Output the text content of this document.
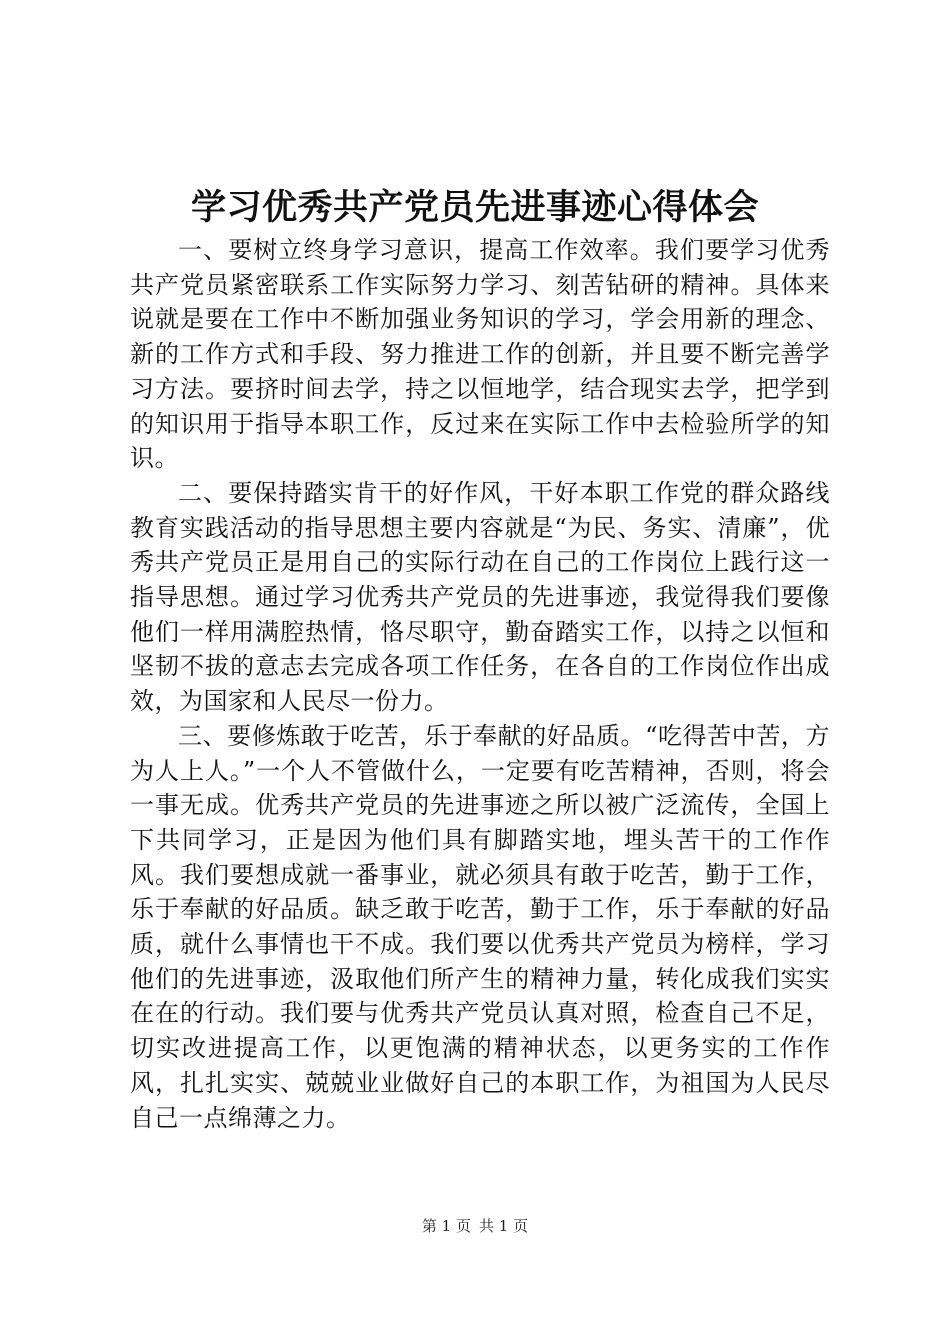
学习优秀共产党员先进事迹心得体会

一、要树立终身学习意识，提高工作效率。我们要学习优秀共产党员紧密联系工作实际努力学习、刻苦钻研的精神。具体来说就是要在工作中不断加强业务知识的学习，学会用新的理念、新的工作方式和手段、努力推进工作的创新，并且要不断完善学习方法。要挤时间去学，持之以恒地学，结合现实去学，把学到的知识用于指导本职工作，反过来在实际工作中去检验所学的知识。

二、要保持踏实肯干的好作风，干好本职工作党的群众路线教育实践活动的指导思想主要内容就是“为民、务实、清廉”，优秀共产党员正是用自己的实际行动在自己的工作岗位上践行这一指导思想。通过学习优秀共产党员的先进事迹，我觉得我们要像他们一样用满腔热情，恪尽职守，勤奋踏实工作，以持之以恒和坚韧不拔的意志去完成各项工作任务，在各自的工作岗位作出成效，为国家和人民尽一份力。

三、要修炼敢于吃苦，乐于奉献的好品质。“吃得苦中苦，方为人上人。”一个人不管做什么，一定要有吃苦精神，否则，将会一事无成。优秀共产党员的先进事迹之所以被广泛流传，全国上下共同学习，正是因为他们具有脚踏实地，埋头苦干的工作作风。我们要想成就一番事业，就必须具有敢于吃苦，勤于工作，乐于奉献的好品质。缺乏敢于吃苦，勤于工作，乐于奉献的好品质，就什么事情也干不成。我们要以优秀共产党员为榜样，学习他们的先进事迹，汲取他们所产生的精神力量，转化成我们实实在在的行动。我们要与优秀共产党员认真对照，检查自己不足，切实改进提高工作，以更饱满的精神状态，以更务实的工作作风，扎扎实实、兢兢业业做好自己的本职工作，为祖国为人民尽自己一点绵薄之力。

第 1 页 共 1 页
